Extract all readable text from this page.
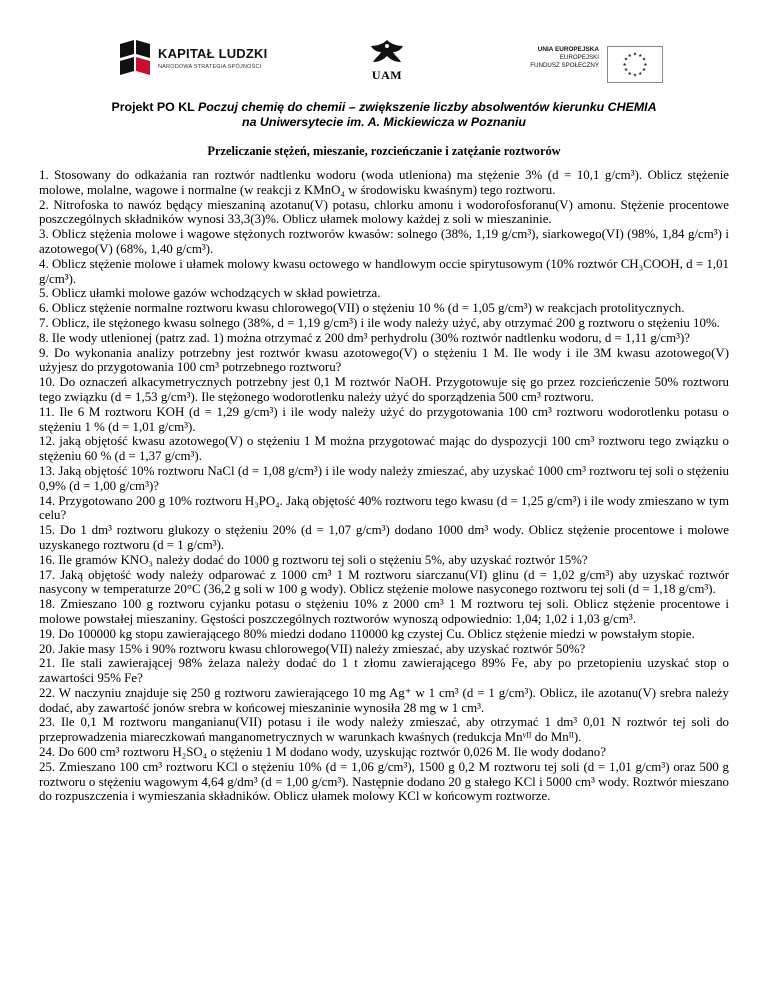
KAPITAŁ LUDZKI
NARODOWA STRATEGIA SPÓJNOŚCI
UAM
UNIA EUROPEJSKA
EUROPEJSKI
FUNDUSZ SPOŁECZNY
★ ★
★
★
★
★
★
★
★
★
★
★
Projekt PO KL Poczuj chemię do chemii – zwiększenie liczby absolwentów kierunku CHEMIA
na Uniwersytecie im. A. Mickiewicza w Poznaniu
Przeliczanie stężeń, mieszanie, rozcieńczanie i zatężanie roztworów

1. Stosowany do odkażania ran roztwór nadtlenku wodoru (woda utleniona) ma stężenie 3% (d = 10,1 g/cm³). Oblicz stężenie molowe, molalne, wagowe i normalne (w reakcji z KMnO₄ w środowisku kwaśnym) tego roztworu.

2. Nitrofoska to nawóz będący mieszaniną azotanu(V) potasu, chlorku amonu i wodorofosforanu(V) amonu. Stężenie procentowe poszczególnych składników wynosi 33,3(3)%. Oblicz ułamek molowy każdej z soli w mieszaninie.

3. Oblicz stężenia molowe i wagowe stężonych roztworów kwasów: solnego (38%, 1,19 g/cm³), siarkowego(VI) (98%, 1,84 g/cm³) i azotowego(V) (68%, 1,40 g/cm³).

4. Oblicz stężenie molowe i ułamek molowy kwasu octowego w handlowym occie spirytusowym (10% roztwór CH₃COOH, d = 1,01 g/cm³).

5. Oblicz ułamki molowe gazów wchodzących w skład powietrza.

6. Oblicz stężenie normalne roztworu kwasu chlorowego(VII) o stężeniu 10 % (d = 1,05 g/cm³) w reakcjach protolitycznych.

7. Oblicz, ile stężonego kwasu solnego (38%, d = 1,19 g/cm³) i ile wody należy użyć, aby otrzymać 200 g roztworu o stężeniu 10%.

8. Ile wody utlenionej (patrz zad. 1) można otrzymać z 200 dm³ perhydrolu (30% roztwór nadtlenku wodoru, d = 1,11 g/cm³)?

9. Do wykonania analizy potrzebny jest roztwór kwasu azotowego(V) o stężeniu 1 M. Ile wody i ile 3M kwasu azotowego(V) użyjesz do przygotowania 100 cm³ potrzebnego roztworu?

10. Do oznaczeń alkacymetrycznych potrzebny jest 0,1 M roztwór NaOH. Przygotowuje się go przez rozcieńczenie 50% roztworu tego związku (d = 1,53 g/cm³). Ile stężonego wodorotlenku należy użyć do sporządzenia 500 cm³ roztworu.

11. Ile 6 M roztworu KOH (d = 1,29 g/cm³) i ile wody należy użyć do przygotowania 100 cm³ roztworu wodorotlenku potasu o stężeniu 1 % (d = 1,01 g/cm³).

12. jaką objętość kwasu azotowego(V) o stężeniu 1 M można przygotować mając do dyspozycji 100 cm³ roztworu tego związku o stężeniu 60 % (d = 1,37 g/cm³).

13. Jaką objętość 10% roztworu NaCl (d = 1,08 g/cm³) i ile wody należy zmieszać, aby uzyskać 1000 cm³ roztworu tej soli o stężeniu 0,9% (d = 1,00 g/cm³)?

14. Przygotowano 200 g 10% roztworu H₃PO₄. Jaką objętość 40% roztworu tego kwasu (d = 1,25 g/cm³) i ile wody zmieszano w tym celu?

15. Do 1 dm³ roztworu glukozy o stężeniu 20% (d = 1,07 g/cm³) dodano 1000 dm³ wody. Oblicz stężenie procentowe i molowe uzyskanego roztworu (d = 1 g/cm³).

16. Ile gramów KNO₃ należy dodać do 1000 g roztworu tej soli o stężeniu 5%, aby uzyskać roztwór 15%?

17. Jaką objętość wody należy odparować z 1000 cm³ 1 M roztworu siarczanu(VI) glinu (d = 1,02 g/cm³) aby uzyskać roztwór nasycony w temperaturze 20°C (36,2 g soli w 100 g wody). Oblicz stężenie molowe nasyconego roztworu tej soli (d = 1,18 g/cm³).

18. Zmieszano 100 g roztworu cyjanku potasu o stężeniu 10% z 2000 cm³ 1 M roztworu tej soli. Oblicz stężenie procentowe i molowe powstałej mieszaniny. Gęstości poszczególnych roztworów wynoszą odpowiednio: 1,04; 1,02 i 1,03 g/cm³.

19. Do 100000 kg stopu zawierającego 80% miedzi dodano 110000 kg czystej Cu. Oblicz stężenie miedzi w powstałym stopie.

20. Jakie masy 15% i 90% roztworu kwasu chlorowego(VII) należy zmieszać, aby uzyskać roztwór 50%?

21. Ile stali zawierającej 98% żelaza należy dodać do 1 t złomu zawierającego 89% Fe, aby po przetopieniu uzyskać stop o zawartości 95% Fe?

22. W naczyniu znajduje się 250 g roztworu zawierającego 10 mg Ag⁺ w 1 cm³ (d = 1 g/cm³). Oblicz, ile azotanu(V) srebra należy dodać, aby zawartość jonów srebra w końcowej mieszaninie wynosiła 28 mg w 1 cm³.

23. Ile 0,1 M roztworu manganianu(VII) potasu i ile wody należy zmieszać, aby otrzymać 1 dm³ 0,01 N roztwór tej soli do przeprowadzenia miareczkowań manganometrycznych w warunkach kwaśnych (redukcja Mnᵛᴵᴵ do Mnᴵᴵ).

24. Do 600 cm³ roztworu H₂SO₄ o stężeniu 1 M dodano wody, uzyskując roztwór 0,026 M. Ile wody dodano?

25. Zmieszano 100 cm³ roztworu KCl o stężeniu 10% (d = 1,06 g/cm³), 1500 g 0,2 M roztworu tej soli (d = 1,01 g/cm³) oraz 500 g roztworu o stężeniu wagowym 4,64 g/dm³ (d = 1,00 g/cm³). Następnie dodano 20 g stałego KCl i 5000 cm³ wody. Roztwór mieszano do rozpuszczenia i wymieszania składników. Oblicz ułamek molowy KCl w końcowym roztworze.
